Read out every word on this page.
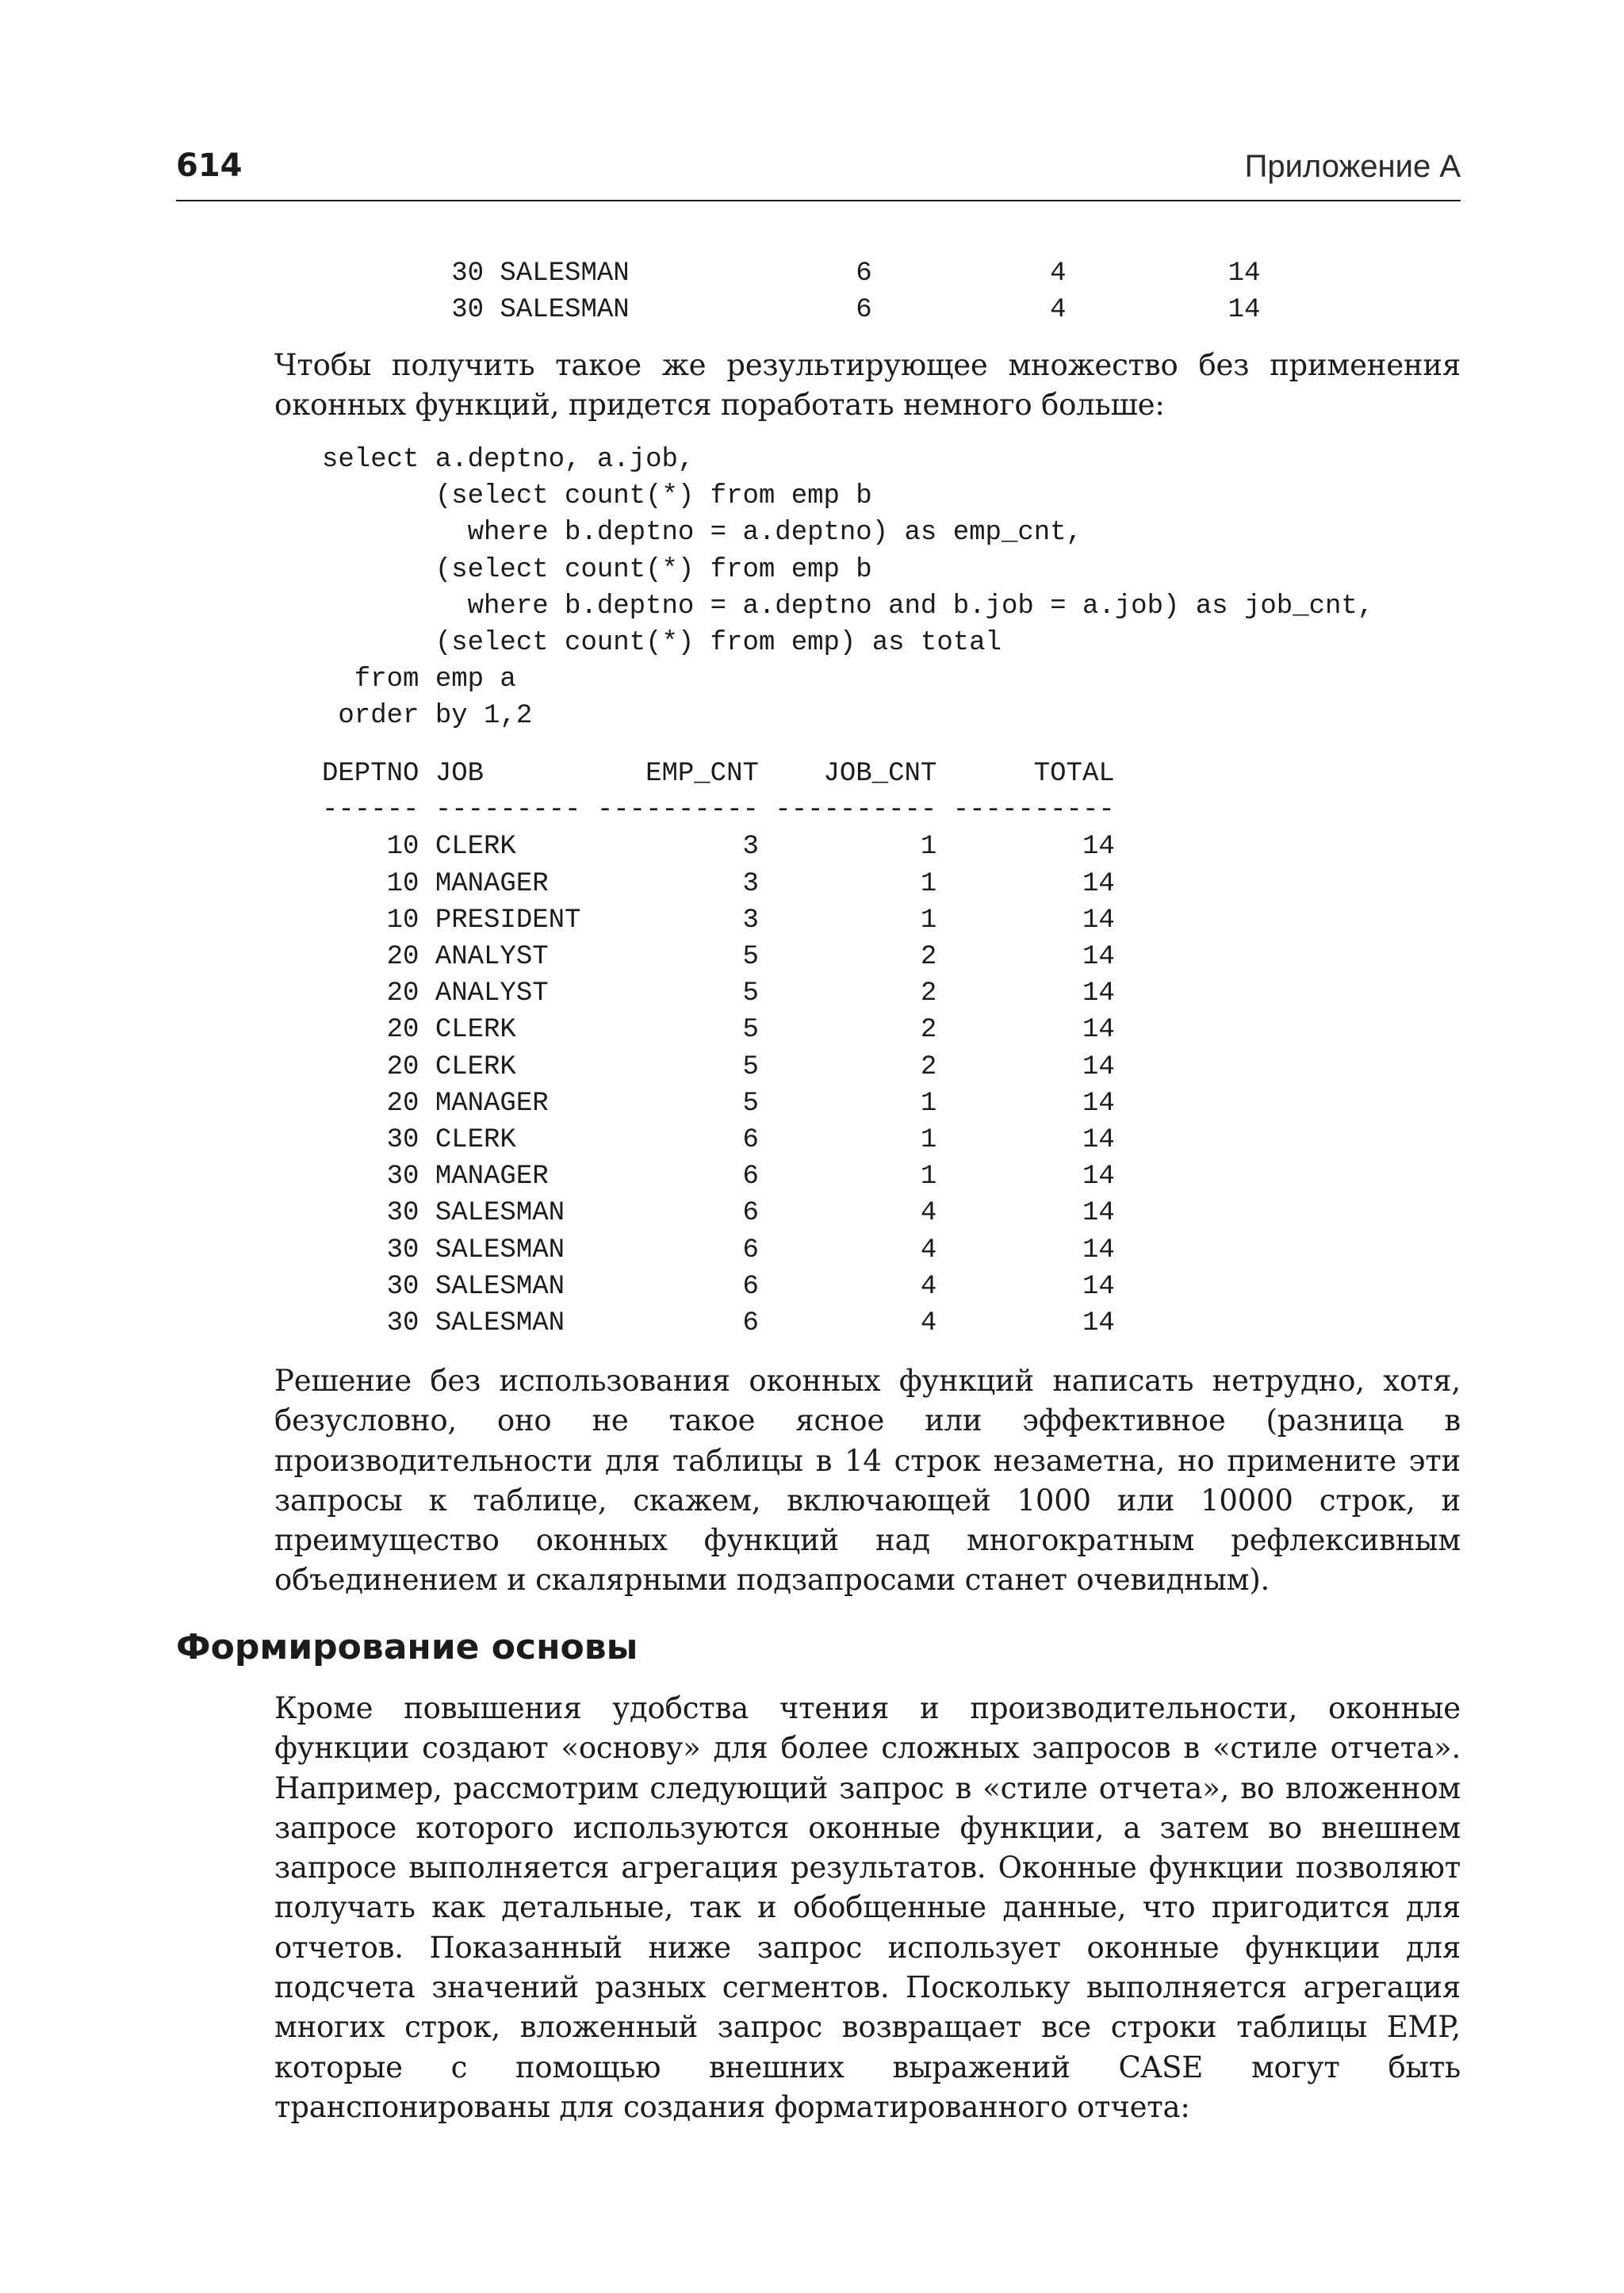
614	Приложение А
30 SALESMAN              6           4          14
30 SALESMAN              6           4          14

Чтобы получить такое же результирующее множество без применения оконных функций, придется поработать немного больше:

select a.deptno, a.job,
(select count(*) from emp b
where b.deptno = a.deptno) as emp_cnt,
(select count(*) from emp b
where b.deptno = a.deptno and b.job = a.job) as job_cnt,
(select count(*) from emp) as total
from emp a
order by 1,2
DEPTNO JOB          EMP_CNT    JOB_CNT      TOTAL
------ --------- ---------- ---------- ----------
10 CLERK              3          1         14
10 MANAGER            3          1         14
10 PRESIDENT          3          1         14
20 ANALYST            5          2         14
20 ANALYST            5          2         14
20 CLERK              5          2         14
20 CLERK              5          2         14
20 MANAGER            5          1         14
30 CLERK              6          1         14
30 MANAGER            6          1         14
30 SALESMAN           6          4         14
30 SALESMAN           6          4         14
30 SALESMAN           6          4         14
30 SALESMAN           6          4         14

Решение без использования оконных функций написать нетрудно, хотя, безусловно, оно не такое ясное или эффективное (разница в производительности для таблицы в 14 строк незаметна, но примените эти запросы к таблице, скажем, включающей 1000 или 10000 строк, и преимущество оконных функций над многократным рефлексивным объединением и скалярными подзапросами станет очевидным).

Формирование основы

Кроме повышения удобства чтения и производительности, оконные функции создают «основу» для более сложных запросов в «стиле отчета». Например, рассмотрим следующий запрос в «стиле отчета», во вложенном запросе которого используются оконные функции, а затем во внешнем запросе выполняется агрегация результатов. Оконные функции позволяют получать как детальные, так и обобщенные данные, что пригодится для отчетов. Показанный ниже запрос использует оконные функции для подсчета значений разных сегментов. Поскольку выполняется агрегация многих строк, вложенный запрос возвращает все строки таблицы EMP, которые с помощью внешних выражений CASE могут быть транспонированы для создания форматированного отчета:
